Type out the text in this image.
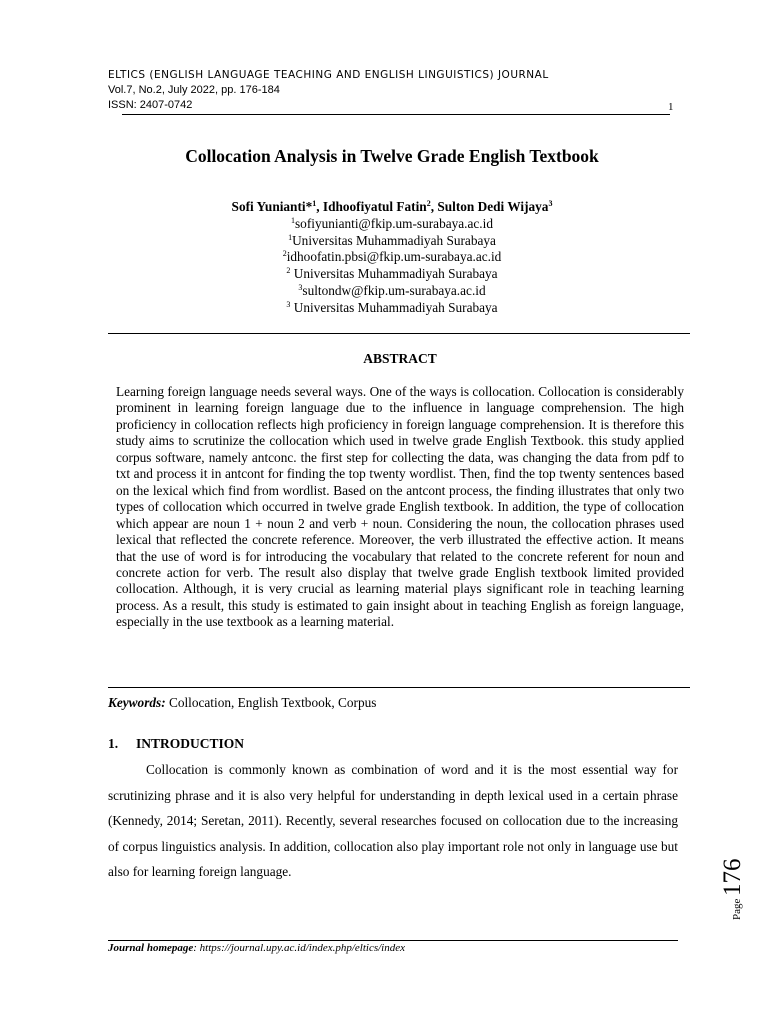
ELTICS (ENGLISH LANGUAGE TEACHING AND ENGLISH LINGUISTICS) JOURNAL
Vol.7, No.2, July 2022, pp. 176-184
ISSN: 2407-0742	1
Collocation Analysis in Twelve Grade English Textbook
Sofi Yunianti*$^1$, Idhoofiyatul Fatin$^2$, Sulton Dedi Wijaya$^3$
$^1$sofiyunianti@fkip.um-surabaya.ac.id
$^1$Universitas Muhammadiyah Surabaya
$^2$idhoofatin.pbsi@fkip.um-surabaya.ac.id
$^2$ Universitas Muhammadiyah Surabaya
$^3$sultondw@fkip.um-surabaya.ac.id
$^3$ Universitas Muhammadiyah Surabaya
ABSTRACT

Learning foreign language needs several ways. One of the ways is collocation. Collocation is considerably prominent in learning foreign language due to the influence in language comprehension. The high proficiency in collocation reflects high proficiency in foreign language comprehension. It is therefore this study aims to scrutinize the collocation which used in twelve grade English Textbook. this study applied corpus software, namely antconc. the first step for collecting the data, was changing the data from pdf to txt and process it in antcont for finding the top twenty wordlist. Then, find the top twenty sentences based on the lexical which find from wordlist. Based on the antcont process, the finding illustrates that only two types of collocation which occurred in twelve grade English textbook. In addition, the type of collocation which appear are noun 1 + noun 2 and verb + noun. Considering the noun, the collocation phrases used lexical that reflected the concrete reference. Moreover, the verb illustrated the effective action. It means that the use of word is for introducing the vocabulary that related to the concrete referent for noun and concrete action for verb. The result also display that twelve grade English textbook limited provided collocation. Although, it is very crucial as learning material plays significant role in teaching learning process. As a result, this study is estimated to gain insight about in teaching English as foreign language, especially in the use textbook as a learning material.

Keywords: Collocation, English Textbook, Corpus
1. INTRODUCTION

Collocation is commonly known as combination of word and it is the most essential way for scrutinizing phrase and it is also very helpful for understanding in depth lexical used in a certain phrase (Kennedy, 2014; Seretan, 2011). Recently, several researches focused on collocation due to the increasing of corpus linguistics analysis. In addition, collocation also play important role not only in language use but also for learning foreign language.

Page
176
Journal homepage: https://journal.upy.ac.id/index.php/eltics/index
